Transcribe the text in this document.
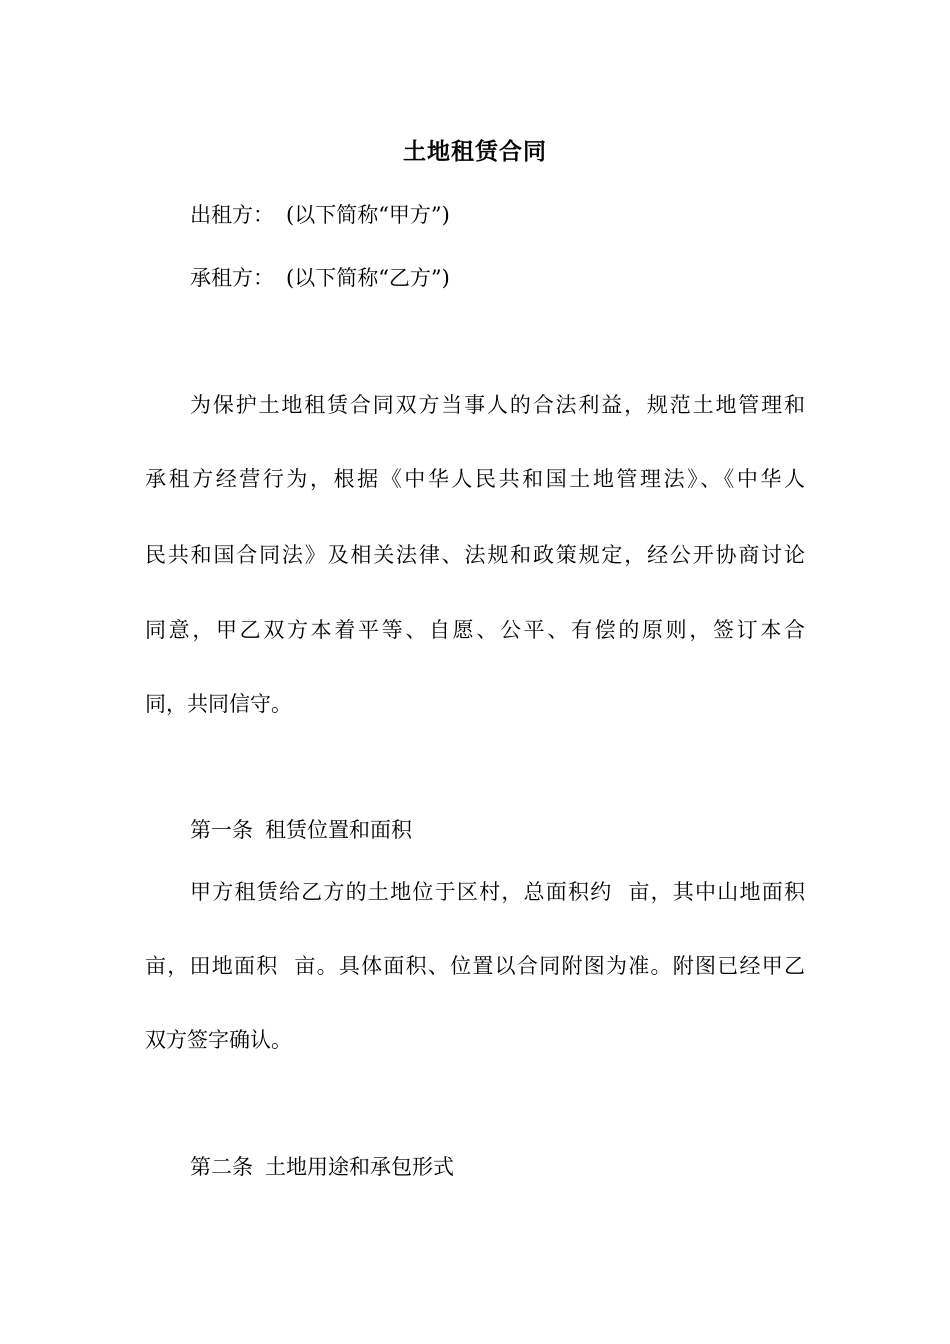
土地租赁合同
出租方： (以下简称“甲方”)
承租方： (以下简称“乙方”)
为保护土地租赁合同双方当事人的合法利益，规范土地管理和
承租方经营行为，根据《中华人民共和国土地管理法》、《中华人
民共和国合同法》及相关法律、法规和政策规定，经公开协商讨论
同意，甲乙双方本着平等、自愿、公平、有偿的原则，签订本合
同，共同信守。
第一条 租赁位置和面积
甲方租赁给乙方的土地位于区村，总面积约  亩，其中山地面积
亩，田地面积  亩。具体面积、位置以合同附图为准。附图已经甲乙
双方签字确认。
第二条 土地用途和承包形式
